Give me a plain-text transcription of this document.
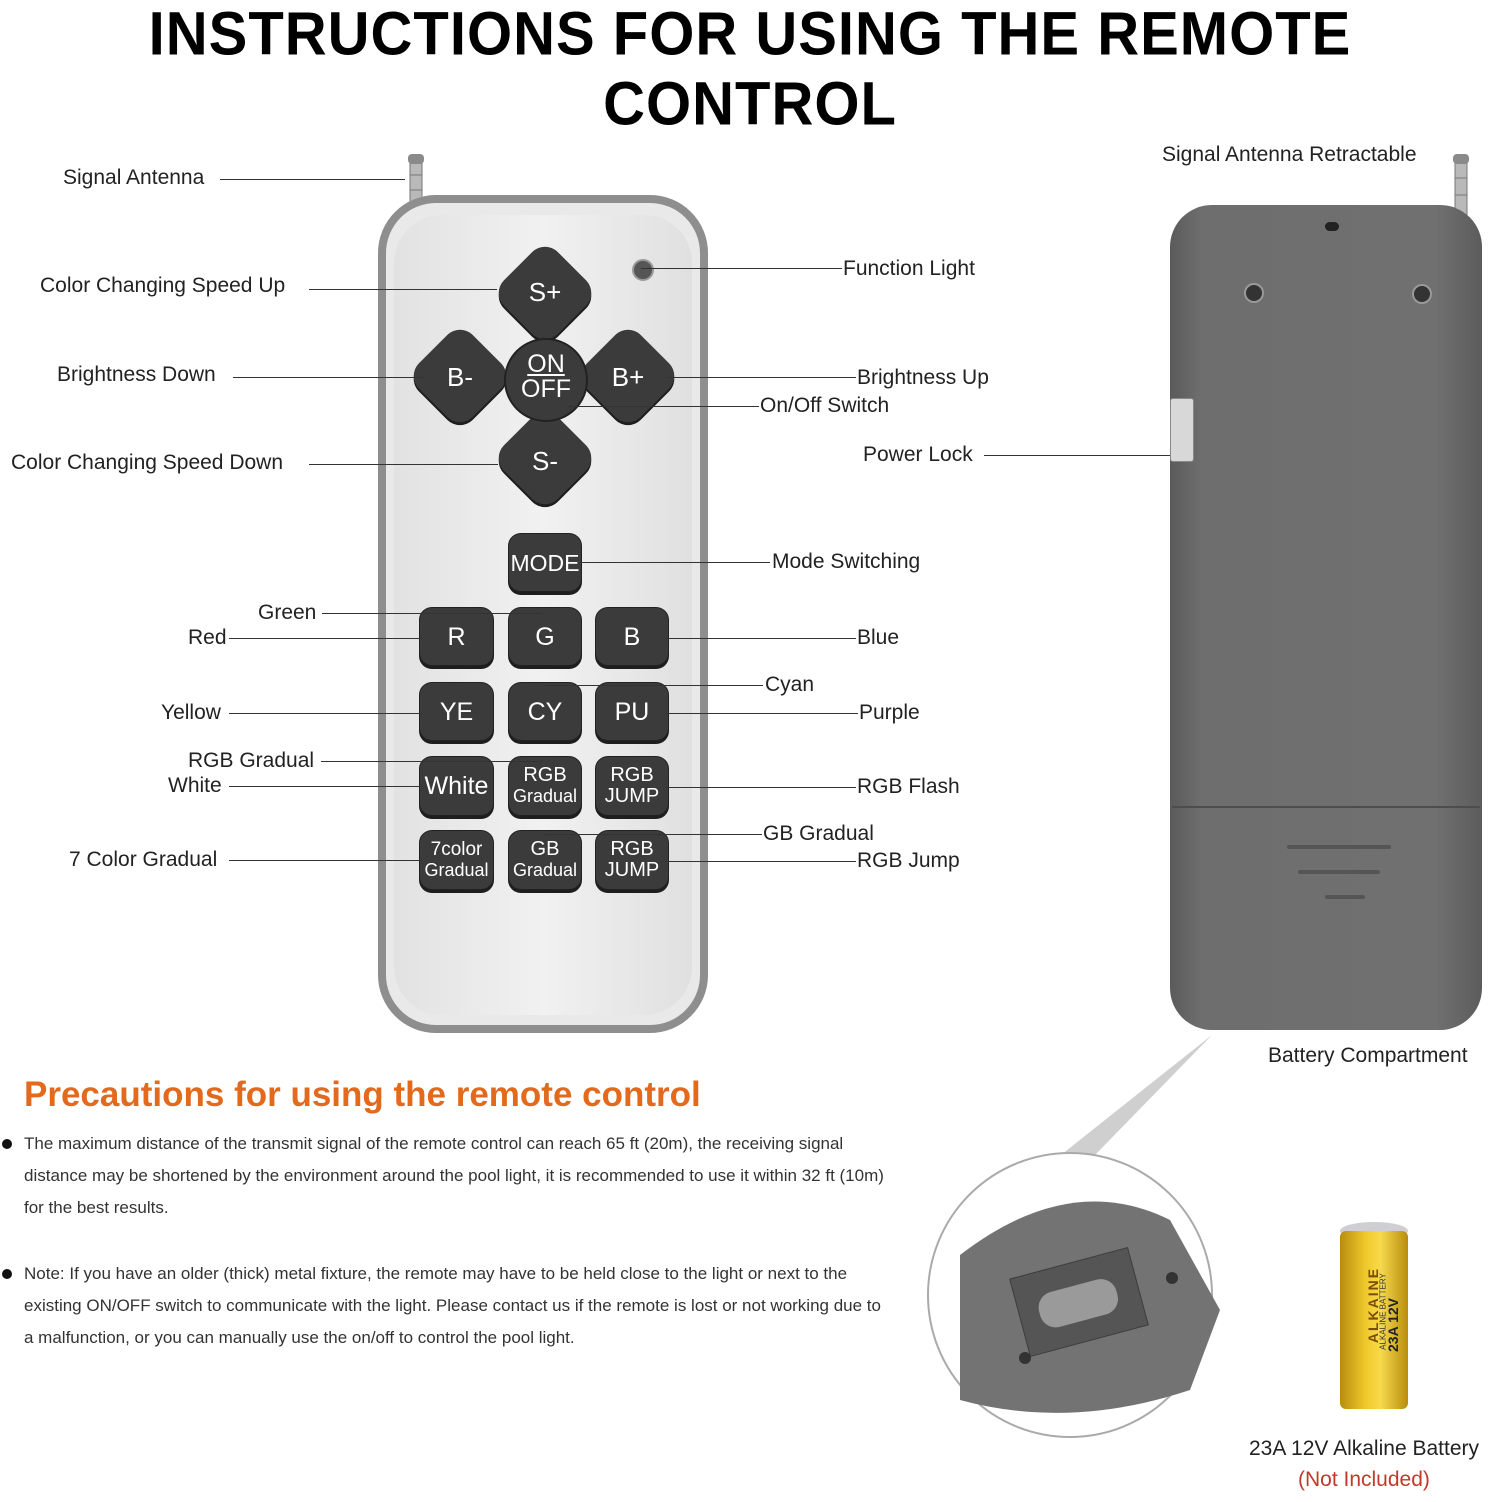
INSTRUCTIONS FOR USING THE REMOTE CONTROL
S+
B-	B+
S-
ON
OFF
MODE
R	G	B
YE	CY	PU
White RGB
Gradual
RGB
JUMP
7color
Gradual
GB
Gradual
RGB
JUMP
Signal Antenna
Color Changing Speed Up
Brightness Down
Color Changing Speed Down
Green
Red
Yellow
RGB Gradual
White
7 Color Gradual
Function Light
Brightness Up
On/Off Switch
Power Lock
Mode Switching
Blue
Cyan
Purple
RGB Flash
GB Gradual
RGB Jump
Signal Antenna Retractable
Battery Compartment
ALKAINE
ALKALINE BATTERY
23A 12V
23A 12V Alkaline Battery
(Not Included)
Precautions for using the remote control
The maximum distance of the transmit signal of the remote control can reach 65 ft (20m), the receiving signal distance may be shortened by the environment around the pool light, it is recommended to use it within 32 ft (10m) for the best results.
Note: If you have an older (thick) metal fixture, the remote may have to be held close to the light or next to the existing ON/OFF switch to communicate with the light. Please contact us if the remote is lost or not working due to a malfunction, or you can manually use the on/off to control the pool light.
